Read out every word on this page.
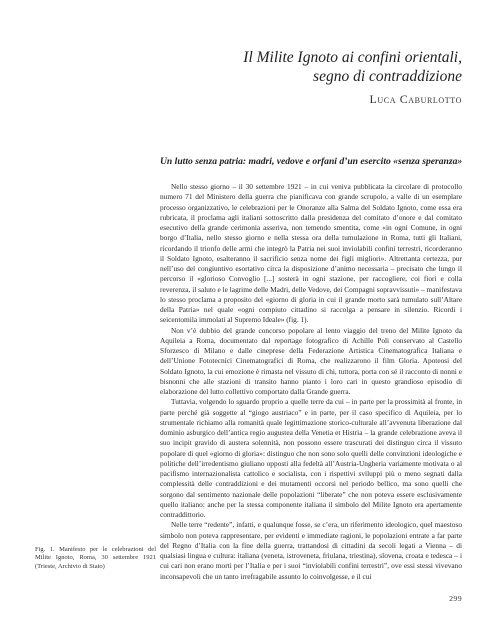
Il Milite Ignoto ai confini orientali,
segno di contraddizione
Luca Caburlotto
Un lutto senza patria: madri, vedove e orfani d’un esercito «senza speranza»

Nello stesso giorno – il 30 settembre 1921 – in cui veniva pubblicata la circolare di protocollo numero 71 del Ministero della guerra che pianificava con grande scrupolo, a valle di un esemplare processo organizzativo, le celebrazioni per le Onoranze alla Salma del Soldato Ignoto, come essa era rubricata, il proclama agli italiani sottoscritto dalla presidenza del comitato d’onore e dal comitato esecutivo della grande cerimonia asseriva, non temendo smentita, come «in ogni Comune, in ogni borgo d’Italia, nello stesso giorno e nella stessa ora della tumulazione in Roma, tutti gli Italiani, ricordando il trionfo delle armi che integrò la Patria nei suoi inviolabili confini terrestri, ricorderanno il Soldato Ignoto, esalteranno il sacrificio senza nome dei figli migliori». Altrettanta certezza, pur nell’uso del congiuntivo esortativo circa la disposizione d’animo necessaria – precisato che lungo il percorso il «glorioso Convoglio [...] sosterà in ogni stazione, per raccogliere, coi fiori e colla reverenza, il saluto e le lagrime delle Madri, delle Vedove, dei Compagni sopravvissuti» – manifestava lo stesso proclama a proposito del «giorno di gloria in cui il grande morto sarà tumulato sull’Altare della Patria» nel quale «ogni compiuto cittadino si raccolga a pensare in silenzio. Ricordi i seicentomila immolati al Supremo Ideale» (fig. 1).

Non v’è dubbio del grande concorso popolare al lento viaggio del treno del Milite Ignoto da Aquileia a Roma, documentato dal reportage fotografico di Achille Poli conservato al Castello Sforzesco di Milano e dalle cineprese della Federazione Artistica Cinematografica Italiana e dell’Unione Fototecnici Cinematografici di Roma, che realizzarono il film Gloria. Apoteosi del Soldato Ignoto, la cui emozione è rimasta nel vissuto di chi, tuttora, porta con sé il racconto di nonni e bisnonni che alle stazioni di transito hanno pianto i loro cari in questo grandioso episodio di elaborazione del lutto collettivo comportato dalla Grande guerra.

Tuttavia, volgendo lo sguardo proprio a quelle terre da cui – in parte per la prossimità al fronte, in parte perché già soggette al “giogo austriaco” e in parte, per il caso specifico di Aquileia, per lo strumentale richiamo alla romanità quale legittimazione storico-culturale all’avvenuta liberazione dal dominio asburgico dell’antica regio augustea della Venetia et Histria – la grande celebrazione aveva il suo incipit gravido di austera solennità, non possono essere trascurati dei distinguo circa il vissuto popolare di quel «giorno di gloria»: distinguo che non sono solo quelli delle convinzioni ideologiche e politiche dell’irredentismo giuliano opposti alla fedeltà all’Austria-Ungheria variamente motivata o al pacifismo internazionalista cattolico e socialista, con i rispettivi sviluppi più o meno segnati dalla complessità delle contraddizioni e dei mutamenti occorsi nel periodo bellico, ma sono quelli che sorgono dal sentimento nazionale delle popolazioni “liberate” che non poteva essere esclusivamente quello italiano: anche per la stessa componente italiana il simbolo del Milite Ignoto era apertamente contraddittorio.

Nelle terre “redente”, infatti, e qualunque fosse, se c’era, un riferimento ideologico, quel maestoso simbolo non poteva rappresentare, per evidenti e immediate ragioni, le popolazioni entrate a far parte del Regno d’Italia con la fine della guerra, trattandosi di cittadini da secoli legati a Vienna – di qualsiasi lingua e cultura: italiana (veneta, istroveneta, friulana, triestina), slovena, croata e tedesca – i cui cari non erano morti per l’Italia e per i suoi “inviolabili confini terrestri”, ove essi stessi vivevano inconsapevoli che un tanto irrefragabile assunto lo coinvolgesse, e il cui

Fig. 1. Manifesto per le celebrazioni del Milite Ignoto, Roma, 30 settembre 1921 (Trieste, Archivio di Stato)
299
